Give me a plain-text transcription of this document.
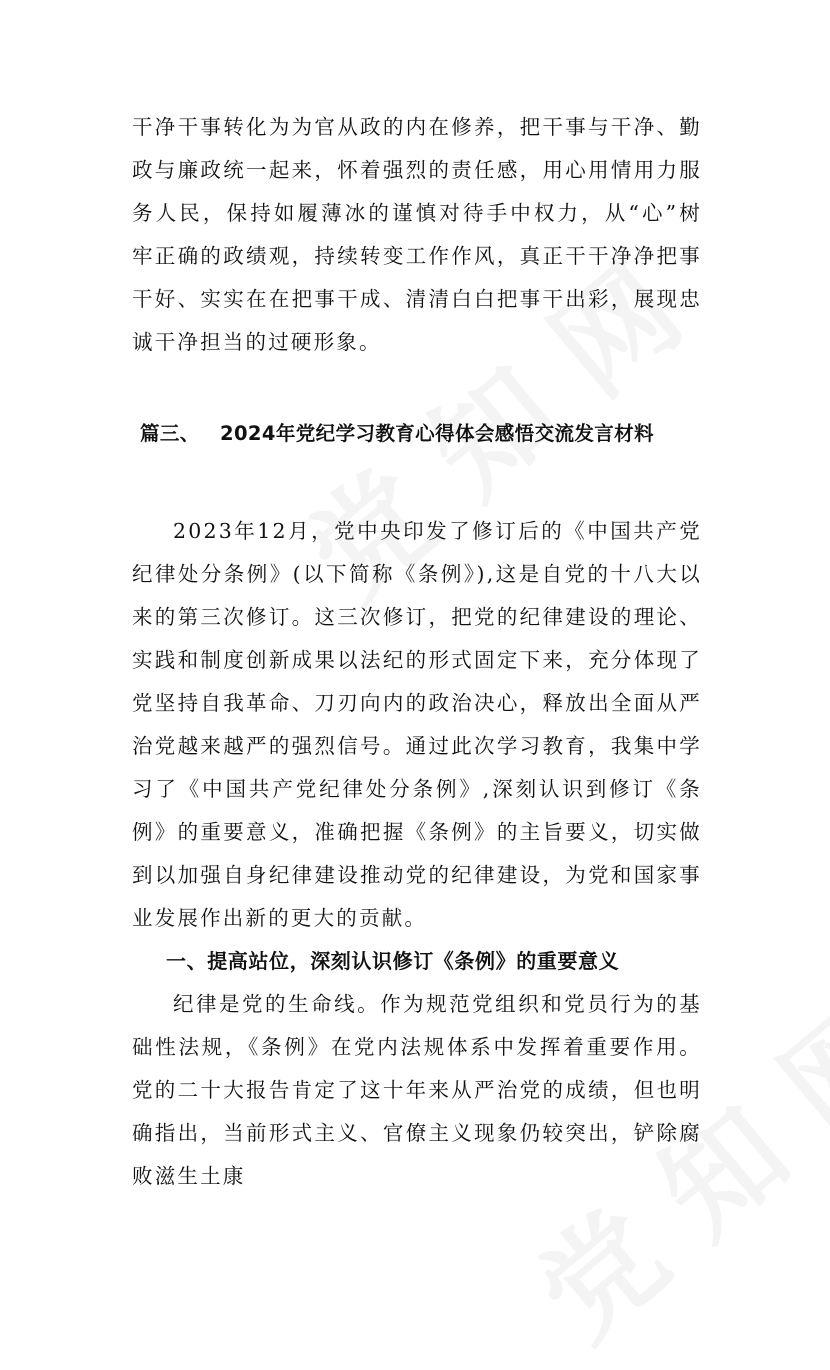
干净干事转化为为官从政的内在修养，把干事与干净、勤政与廉政统一起来，怀着强烈的责任感，用心用情用力服务人民，保持如履薄冰的谨慎对待手中权力，从“心”树牢正确的政绩观，持续转变工作作风，真正干干净净把事干好、实实在在把事干成、清清白白把事干出彩，展现忠诚干净担当的过硬形象。

篇三、 2024年党纪学习教育心得体会感悟交流发言材料

2023年12月，党中央印发了修订后的《中国共产党纪律处分条例》(以下简称《条例》),这是自党的十八大以来的第三次修订。这三次修订，把党的纪律建设的理论、实践和制度创新成果以法纪的形式固定下来，充分体现了党坚持自我革命、刀刃向内的政治决心，释放出全面从严治党越来越严的强烈信号。通过此次学习教育，我集中学习了《中国共产党纪律处分条例》,深刻认识到修订《条例》的重要意义，准确把握《条例》的主旨要义，切实做到以加强自身纪律建设推动党的纪律建设，为党和国家事业发展作出新的更大的贡献。

一、提高站位，深刻认识修订《条例》的重要意义

纪律是党的生命线。作为规范党组织和党员行为的基础性法规，《条例》在党内法规体系中发挥着重要作用。党的二十大报告肯定了这十年来从严治党的成绩，但也明确指出，当前形式主义、官僚主义现象仍较突出，铲除腐败滋生土康
